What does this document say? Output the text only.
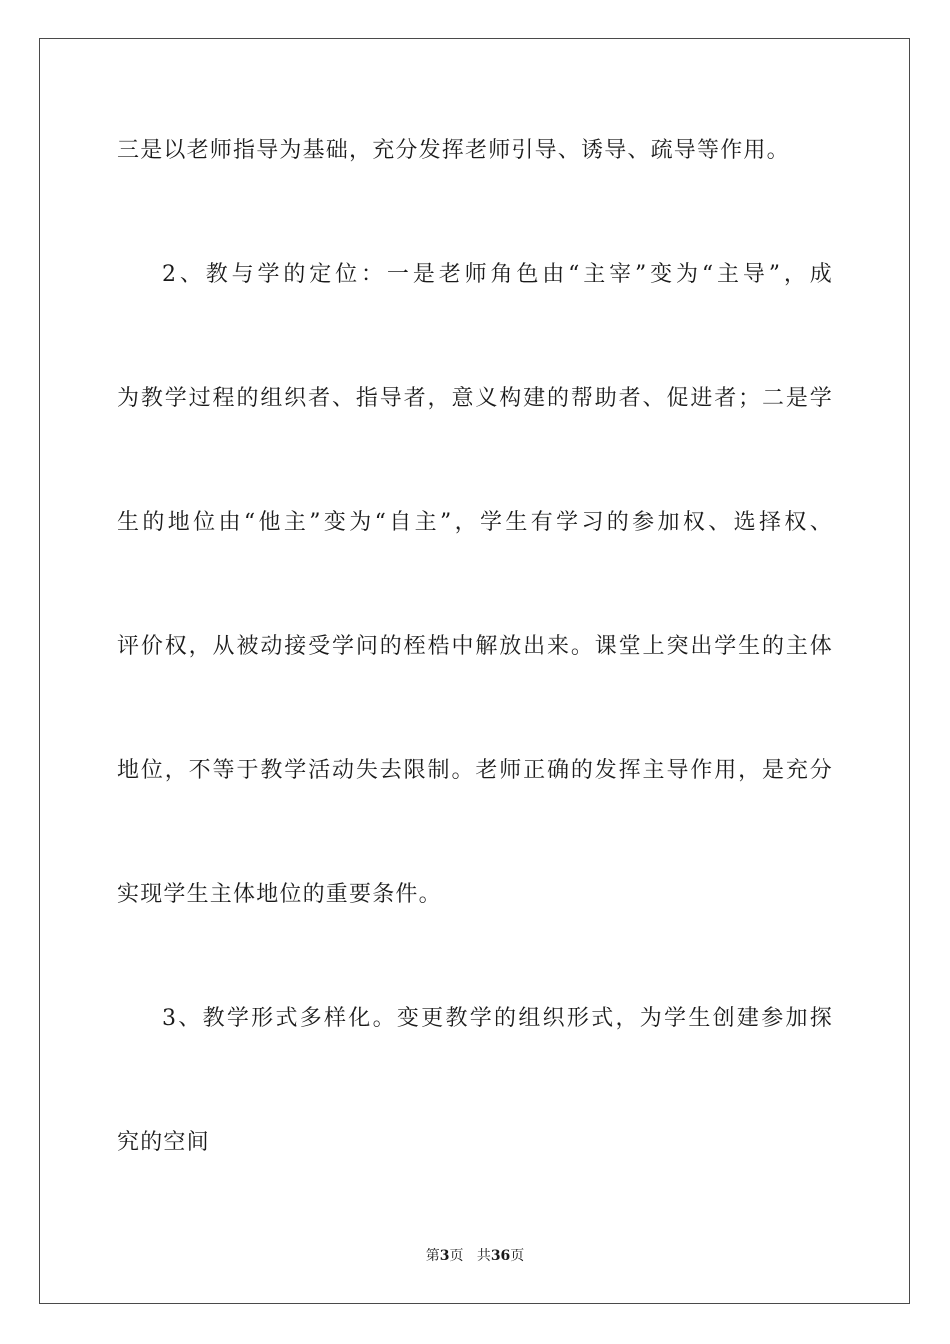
三是以老师指导为基础，充分发挥老师引导、诱导、疏导等作用。
2、教与学的定位：一是老师角色由“主宰”变为“主导”，成
为教学过程的组织者、指导者，意义构建的帮助者、促进者；二是学
生的地位由“他主”变为“自主”，学生有学习的参加权、选择权、
评价权，从被动接受学问的桎梏中解放出来。课堂上突出学生的主体
地位，不等于教学活动失去限制。老师正确的发挥主导作用，是充分
实现学生主体地位的重要条件。
3、教学形式多样化。变更教学的组织形式，为学生创建参加探
究的空间
第3页 共36页
